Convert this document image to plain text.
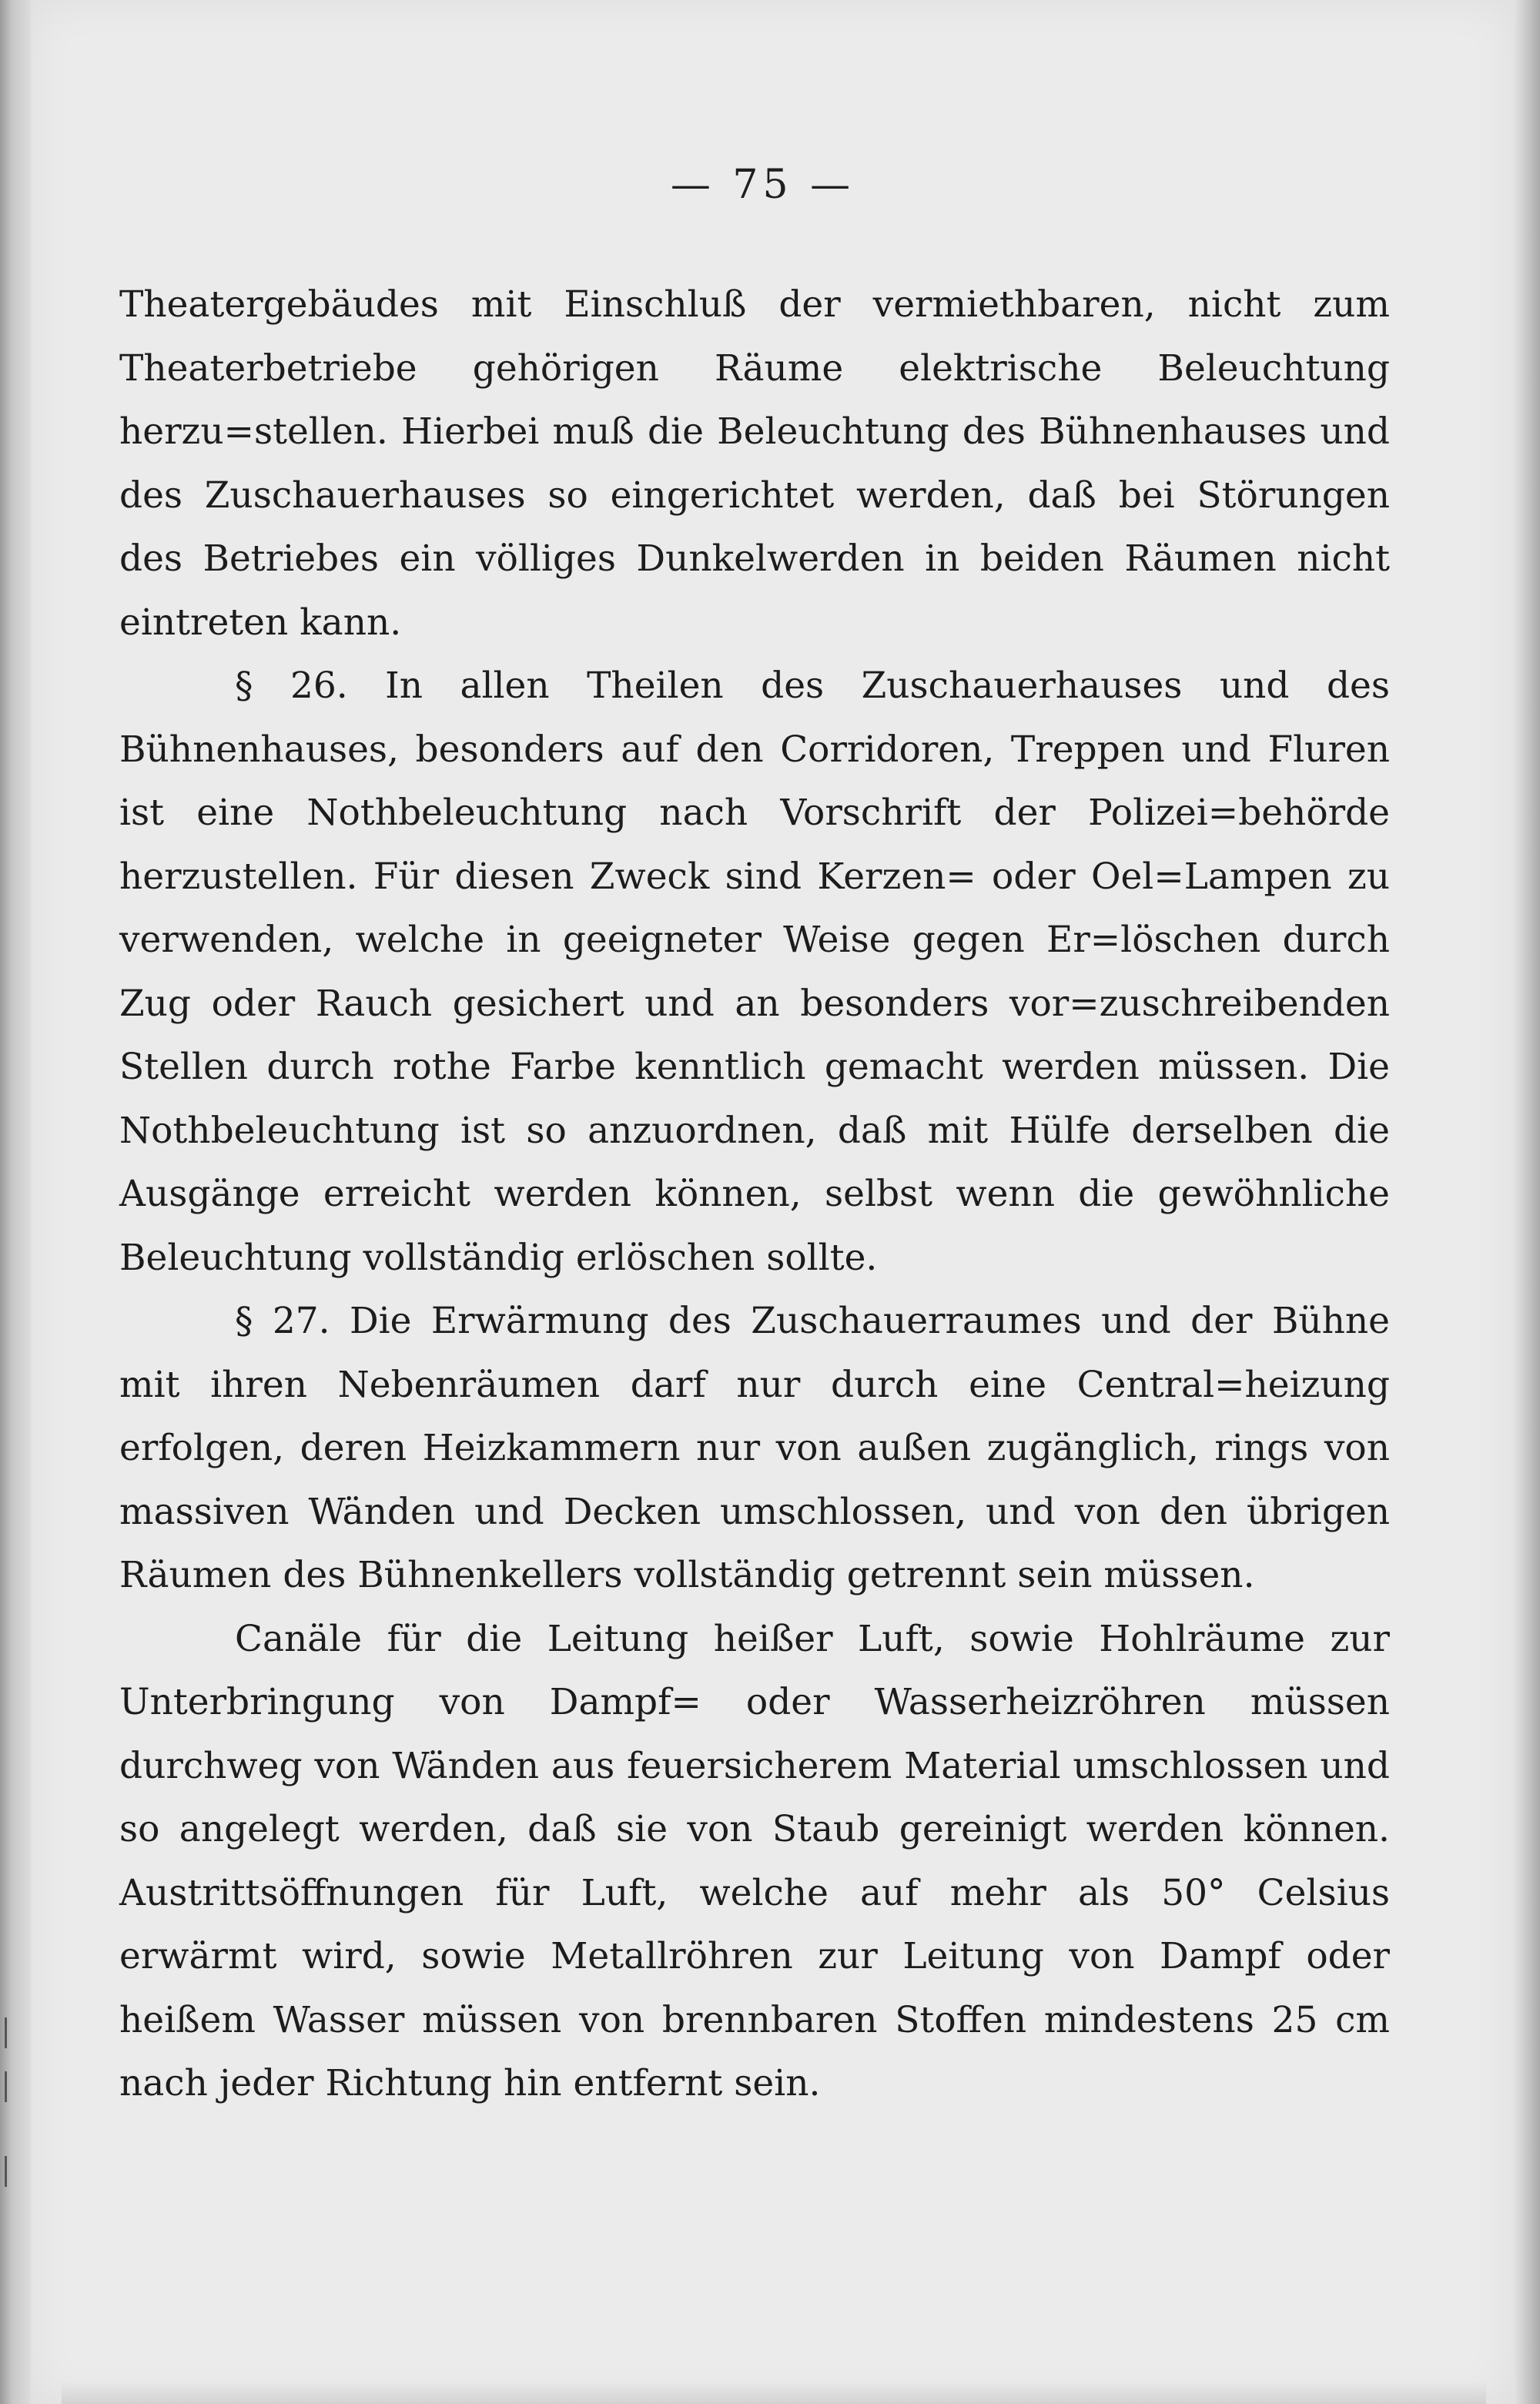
— 75 —

Theatergebäudes mit Einschluß der vermiethbaren, nicht zum Theaterbetriebe gehörigen Räume elektrische Beleuchtung herzu=stellen. Hierbei muß die Beleuchtung des Bühnenhauses und des Zuschauerhauses so eingerichtet werden, daß bei Störungen des Betriebes ein völliges Dunkelwerden in beiden Räumen nicht eintreten kann.

§ 26. In allen Theilen des Zuschauerhauses und des Bühnenhauses, besonders auf den Corridoren, Treppen und Fluren ist eine Nothbeleuchtung nach Vorschrift der Polizei=behörde herzustellen. Für diesen Zweck sind Kerzen= oder Oel=Lampen zu verwenden, welche in geeigneter Weise gegen Er=löschen durch Zug oder Rauch gesichert und an besonders vor=zuschreibenden Stellen durch rothe Farbe kenntlich gemacht werden müssen. Die Nothbeleuchtung ist so anzuordnen, daß mit Hülfe derselben die Ausgänge erreicht werden können, selbst wenn die gewöhnliche Beleuchtung vollständig erlöschen sollte.

§ 27. Die Erwärmung des Zuschauerraumes und der Bühne mit ihren Nebenräumen darf nur durch eine Central=heizung erfolgen, deren Heizkammern nur von außen zugänglich, rings von massiven Wänden und Decken umschlossen, und von den übrigen Räumen des Bühnenkellers vollständig getrennt sein müssen.

Canäle für die Leitung heißer Luft, sowie Hohlräume zur Unterbringung von Dampf= oder Wasserheizröhren müssen durchweg von Wänden aus feuersicherem Material umschlossen und so angelegt werden, daß sie von Staub gereinigt werden können. Austrittsöffnungen für Luft, welche auf mehr als 50° Celsius erwärmt wird, sowie Metallröhren zur Leitung von Dampf oder heißem Wasser müssen von brennbaren Stoffen mindestens 25 cm nach jeder Richtung hin entfernt sein.
